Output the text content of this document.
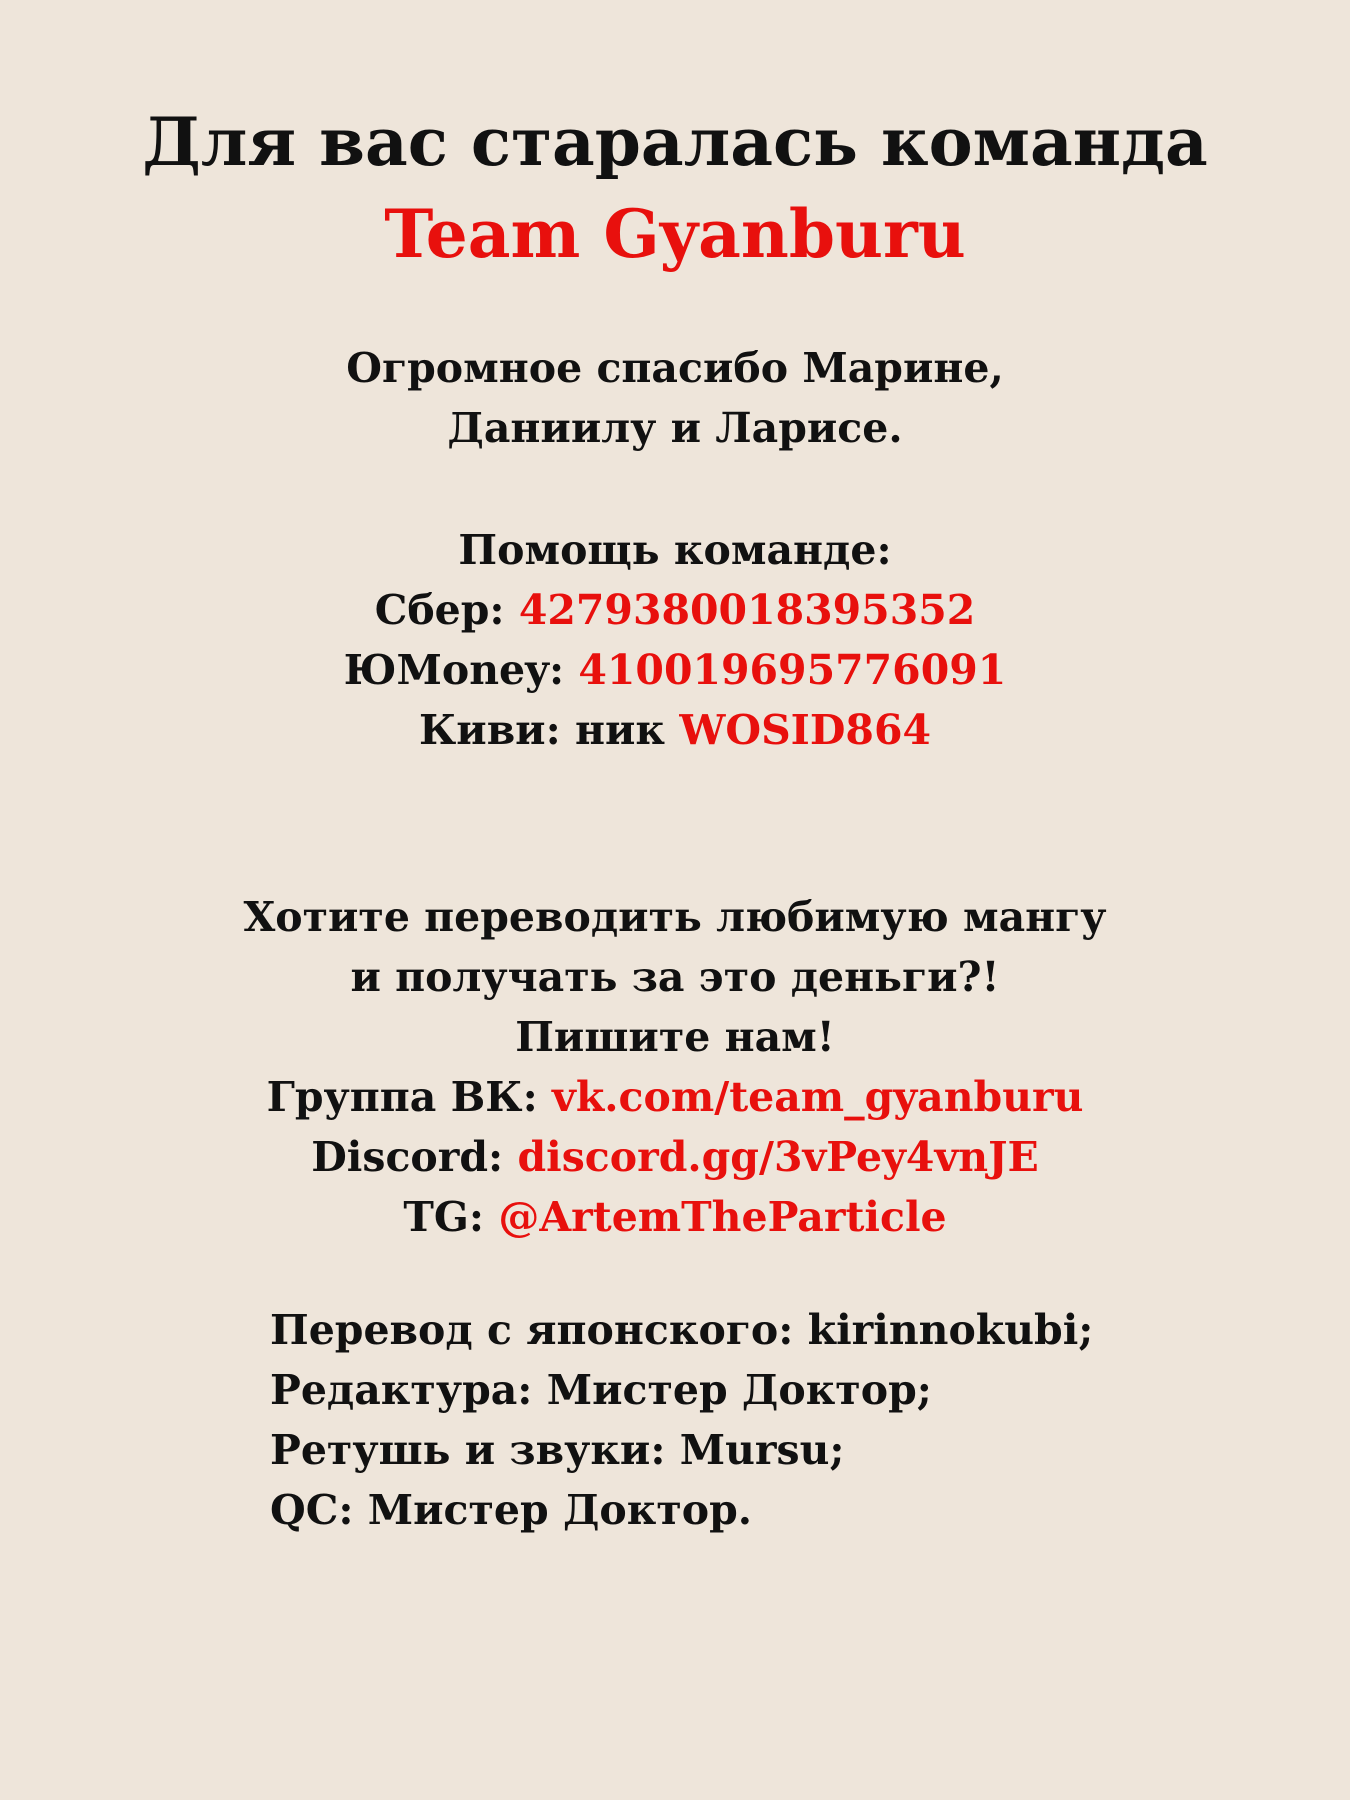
Для вас старалась команда
Team Gyanburu
Огромное спасибо Марине,
Даниилу и Ларисе.
Помощь команде:
Сбер: 4279380018395352
ЮMoney: 410019695776091
Киви: ник WOSID864
Хотите переводить любимую мангу
и получать за это деньги?!
Пишите нам!
Группа ВК: vk.com/team_gyanburu
Discord: discord.gg/3vPey4vnJE
TG: @ArtemTheParticle
Перевод с японского: kirinnokubi;
Редактура: Мистер Доктор;
Ретушь и звуки: Mursu;
QC: Мистер Доктор.
